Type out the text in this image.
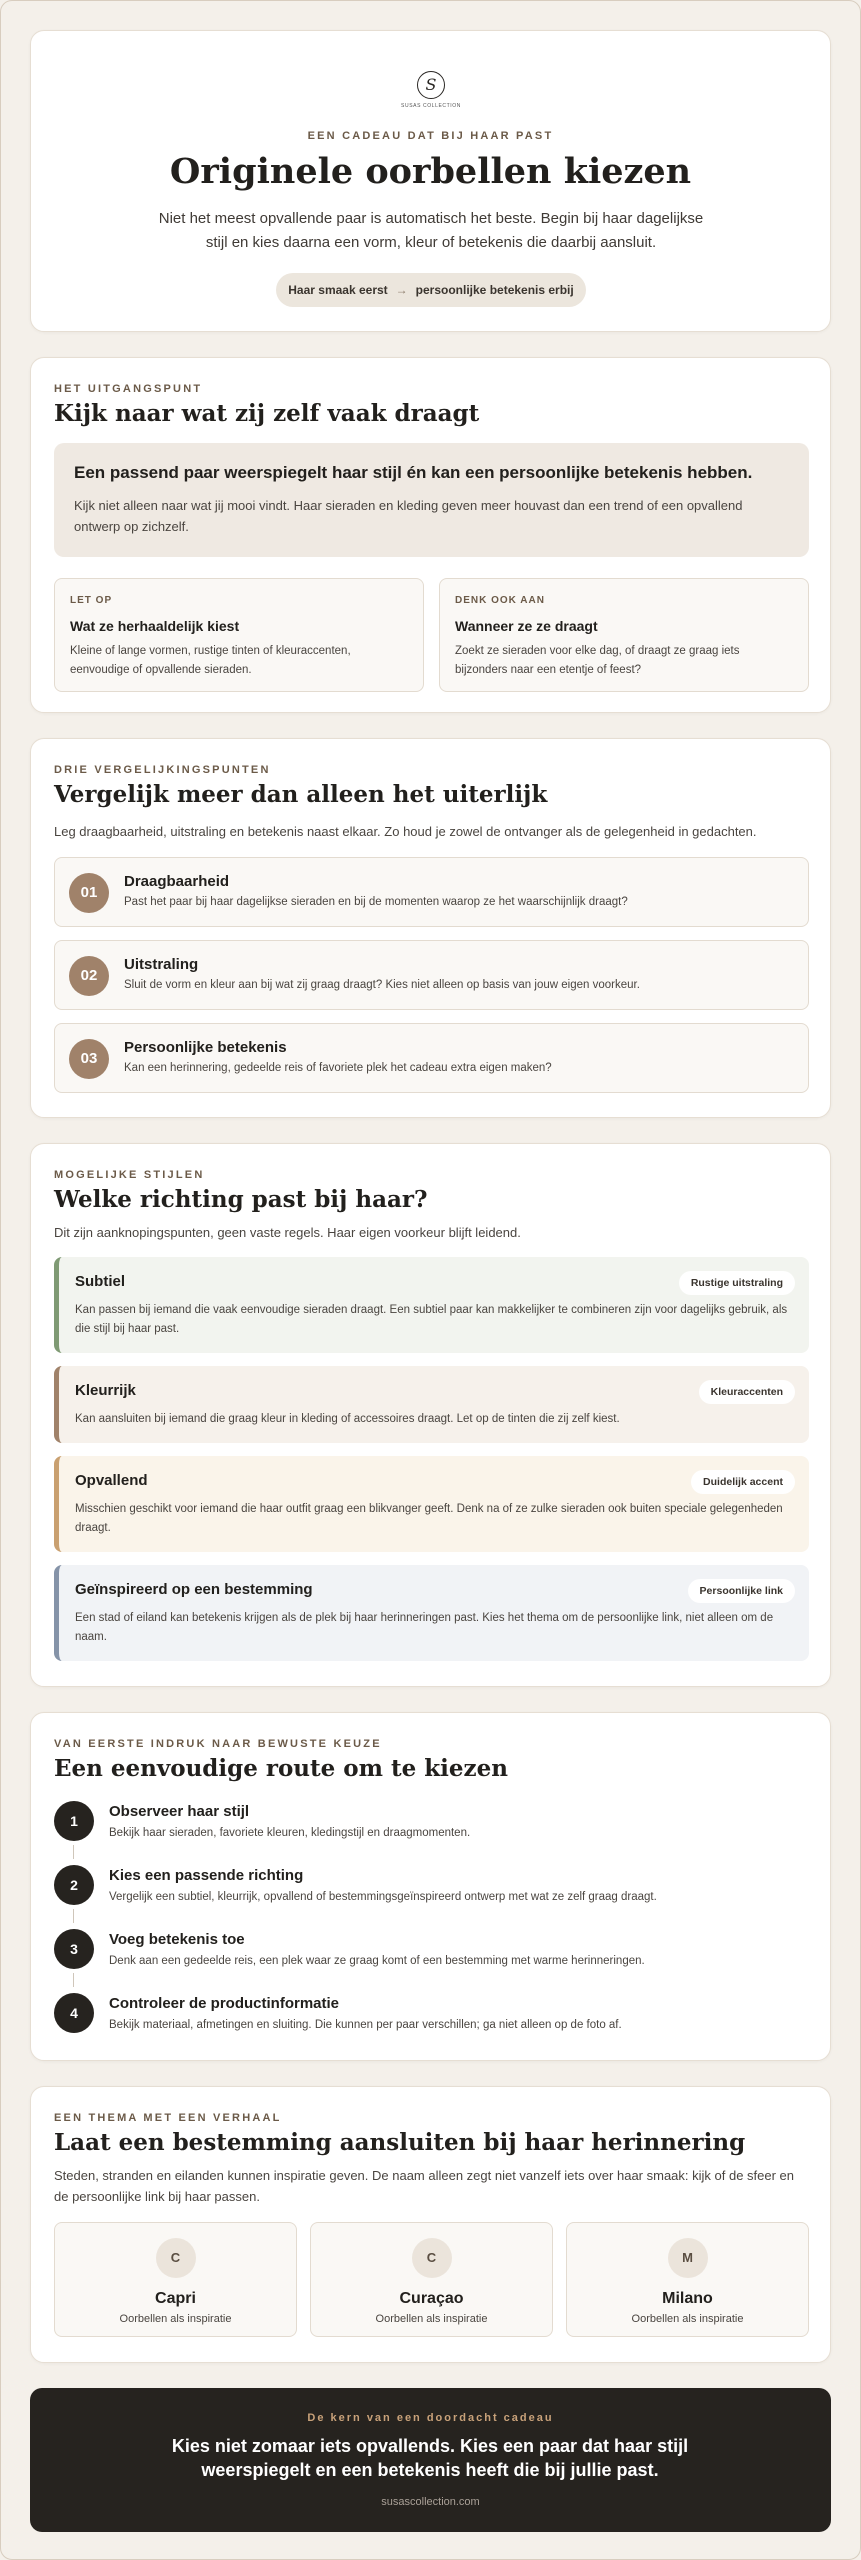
S
SUSAS COLLECTION
EEN CADEAU DAT BIJ HAAR PAST
Originele oorbellen kiezen

Niet het meest opvallende paar is automatisch het beste. Begin bij haar dagelijkse stijl en kies daarna een vorm, kleur of betekenis die daarbij aansluit.

Haar smaak eerst → persoonlijke betekenis erbij
HET UITGANGSPUNT
Kijk naar wat zij zelf vaak draagt
Een passend paar weerspiegelt haar stijl én kan een persoonlijke betekenis hebben.
Kijk niet alleen naar wat jij mooi vindt. Haar sieraden en kleding geven meer houvast dan een trend of een opvallend ontwerp op zichzelf.
LET OP
Wat ze herhaaldelijk kiest
Kleine of lange vormen, rustige tinten of kleuraccenten, eenvoudige of opvallende sieraden.
DENK OOK AAN
Wanneer ze ze draagt
Zoekt ze sieraden voor elke dag, of draagt ze graag iets bijzonders naar een etentje of feest?
DRIE VERGELIJKINGSPUNTEN
Vergelijk meer dan alleen het uiterlijk

Leg draagbaarheid, uitstraling en betekenis naast elkaar. Zo houd je zowel de ontvanger als de gelegenheid in gedachten.

01
Draagbaarheid
Past het paar bij haar dagelijkse sieraden en bij de momenten waarop ze het waarschijnlijk draagt?
02
Uitstraling
Sluit de vorm en kleur aan bij wat zij graag draagt? Kies niet alleen op basis van jouw eigen voorkeur.
03
Persoonlijke betekenis
Kan een herinnering, gedeelde reis of favoriete plek het cadeau extra eigen maken?
MOGELIJKE STIJLEN
Welke richting past bij haar?

Dit zijn aanknopingspunten, geen vaste regels. Haar eigen voorkeur blijft leidend.

Subtiel	Rustige uitstraling
Kan passen bij iemand die vaak eenvoudige sieraden draagt. Een subtiel paar kan makkelijker te combineren zijn voor dagelijks gebruik, als die stijl bij haar past.
Kleurrijk	Kleuraccenten
Kan aansluiten bij iemand die graag kleur in kleding of accessoires draagt. Let op de tinten die zij zelf kiest.
Opvallend	Duidelijk accent
Misschien geschikt voor iemand die haar outfit graag een blikvanger geeft. Denk na of ze zulke sieraden ook buiten speciale gelegenheden draagt.
Geïnspireerd op een bestemming	Persoonlijke link
Een stad of eiland kan betekenis krijgen als de plek bij haar herinneringen past. Kies het thema om de persoonlijke link, niet alleen om de naam.
VAN EERSTE INDRUK NAAR BEWUSTE KEUZE
Een eenvoudige route om te kiezen
1
Observeer haar stijl
Bekijk haar sieraden, favoriete kleuren, kledingstijl en draagmomenten.
2
Kies een passende richting
Vergelijk een subtiel, kleurrijk, opvallend of bestemmingsgeïnspireerd ontwerp met wat ze zelf graag draagt.
3
Voeg betekenis toe
Denk aan een gedeelde reis, een plek waar ze graag komt of een bestemming met warme herinneringen.
4
Controleer de productinformatie
Bekijk materiaal, afmetingen en sluiting. Die kunnen per paar verschillen; ga niet alleen op de foto af.
EEN THEMA MET EEN VERHAAL
Laat een bestemming aansluiten bij haar herinnering

Steden, stranden en eilanden kunnen inspiratie geven. De naam alleen zegt niet vanzelf iets over haar smaak: kijk of de sfeer en de persoonlijke link bij haar passen.

C
Capri
Oorbellen als inspiratie
C
Curaçao
Oorbellen als inspiratie
M
Milano
Oorbellen als inspiratie
De kern van een doordacht cadeau
Kies niet zomaar iets opvallends. Kies een paar dat haar stijl weerspiegelt en een betekenis heeft die bij jullie past.
susascollection.com
